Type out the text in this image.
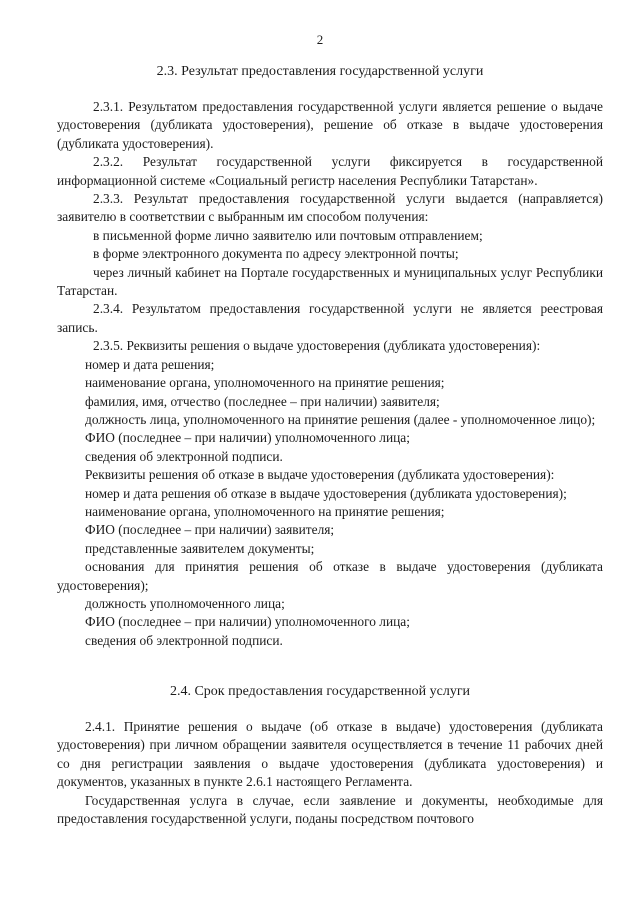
2
2.3. Результат предоставления государственной услуги

2.3.1. Результатом предоставления государственной услуги является решение о выдаче удостоверения (дубликата удостоверения), решение об отказе в выдаче удостоверения (дубликата удостоверения).

2.3.2. Результат государственной услуги фиксируется в государственной информационной системе «Социальный регистр населения Республики Татарстан».

2.3.3. Результат предоставления государственной услуги выдается (направляется) заявителю в соответствии с выбранным им способом получения:

в письменной форме лично заявителю или почтовым отправлением;

в форме электронного документа по адресу электронной почты;

через личный кабинет на Портале государственных и муниципальных услуг Республики Татарстан.

2.3.4. Результатом предоставления государственной услуги не является реестровая запись.

2.3.5. Реквизиты решения о выдаче удостоверения (дубликата удостоверения):

номер и дата решения;

наименование органа, уполномоченного на принятие решения;

фамилия, имя, отчество (последнее – при наличии) заявителя;

должность лица, уполномоченного на принятие решения (далее - уполномоченное лицо);

ФИО (последнее – при наличии) уполномоченного лица;

сведения об электронной подписи.

Реквизиты решения об отказе в выдаче удостоверения (дубликата удостоверения):

номер и дата решения об отказе в выдаче удостоверения (дубликата удостоверения);

наименование органа, уполномоченного на принятие решения;

ФИО (последнее – при наличии) заявителя;

представленные заявителем документы;

основания для принятия решения об отказе в выдаче удостоверения (дубликата удостоверения);

должность уполномоченного лица;

ФИО (последнее – при наличии) уполномоченного лица;

сведения об электронной подписи.

2.4. Срок предоставления государственной услуги

2.4.1. Принятие решения о выдаче (об отказе в выдаче) удостоверения (дубликата удостоверения) при личном обращении заявителя осуществляется в течение 11 рабочих дней со дня регистрации заявления о выдаче удостоверения (дубликата удостоверения) и документов, указанных в пункте 2.6.1 настоящего Регламента.

Государственная услуга в случае, если заявление и документы, необходимые для предоставления государственной услуги, поданы посредством почтового
